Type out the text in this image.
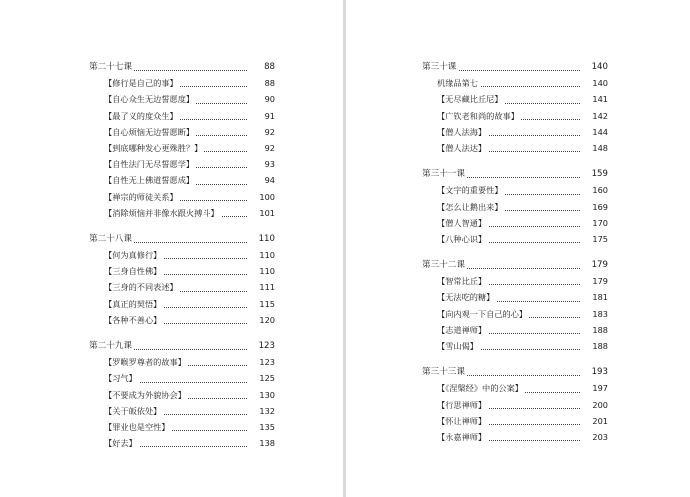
第二十七课	88
【修行是自己的事】	88
【自心众生无边誓愿度】	90
【最了义的度众生】	91
【自心烦恼无边誓愿断】	92
【到底哪种发心更殊胜？】	92
【自性法门无尽誓愿学】	93
【自性无上佛道誓愿成】	94
【禅宗的师徒关系】	100
【消除烦恼并非像水跟火搏斗】	101
第二十八课	110
【何为真修行】	110
【三身自性佛】	110
【三身的不同表述】	111
【真正的契悟】	115
【各种不善心】	120
第二十九课	123
【罗睺罗尊者的故事】	123
【习气】	125
【不要成为外貌协会】	130
【关于皈依处】	132
【罪业也是空性】	135
【好去】	138
第三十课	140
机缘品第七	140
【无尽藏比丘尼】	141
【广钦老和尚的故事】	142
【僧人法海】	144
【僧人法达】	148
第三十一课	159
【文字的重要性】	160
【怎么让鹅出来】	169
【僧人智通】	170
【八种心识】	175
第三十二课	179
【智常比丘】	179
【无法吃的糖】	181
【向内观一下自己的心】	183
【志道禅师】	188
【雪山偈】	188
第三十三课	193
【《涅槃经》中的公案】	197
【行思禅师】	200
【怀让禅师】	201
【永嘉禅师】	203
